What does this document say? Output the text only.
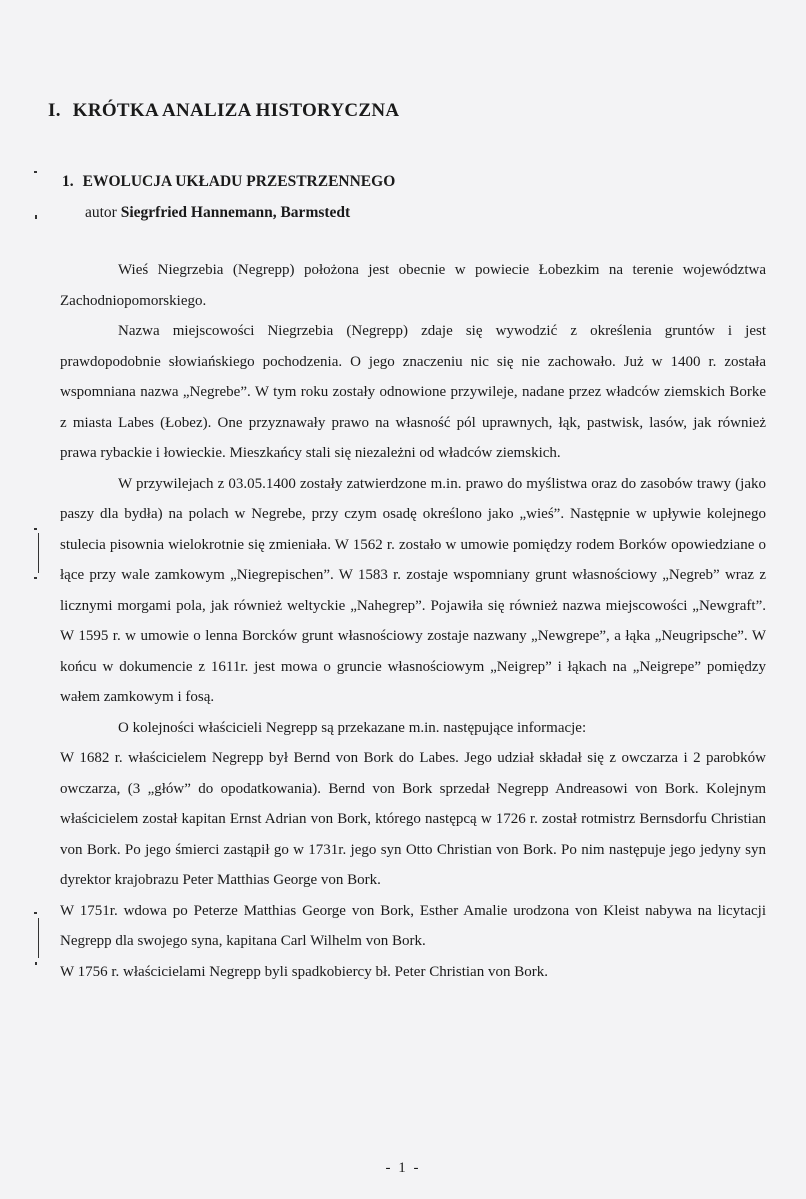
I. KRÓTKA ANALIZA HISTORYCZNA
1. EWOLUCJA UKŁADU PRZESTRZENNEGO
autor Siegrfried Hannemann, Barmstedt

Wieś Niegrzebia (Negrepp) położona jest obecnie w powiecie Łobezkim na terenie województwa Zachodniopomorskiego.

Nazwa miejscowości Niegrzebia (Negrepp) zdaje się wywodzić z określenia gruntów i jest prawdopodobnie słowiańskiego pochodzenia. O jego znaczeniu nic się nie zachowało. Już w 1400 r. została wspomniana nazwa „Negrebe”. W tym roku zostały odnowione przywileje, nadane przez władców ziemskich Borke z miasta Labes (Łobez). One przyznawały prawo na własność pól uprawnych, łąk, pastwisk, lasów, jak również prawa rybackie i łowieckie. Mieszkańcy stali się niezależni od władców ziemskich.

W przywilejach z 03.05.1400 zostały zatwierdzone m.in. prawo do myślistwa oraz do zasobów trawy (jako paszy dla bydła) na polach w Negrebe, przy czym osadę określono jako „wieś”. Następnie w upływie kolejnego stulecia pisownia wielokrotnie się zmieniała. W 1562 r. zostało w umowie pomiędzy rodem Borków opowiedziane o łące przy wale zamkowym „Niegrepischen”. W 1583 r. zostaje wspomniany grunt własnościowy „Negreb” wraz z licznymi morgami pola, jak również weltyckie „Nahegrep”. Pojawiła się również nazwa miejscowości „Newgraft”. W 1595 r. w umowie o lenna Borcków grunt własnościowy zostaje nazwany „Newgrepe”, a łąka „Neugripsche”. W końcu w dokumencie z 1611r. jest mowa o gruncie własnościowym „Neigrep” i łąkach na „Neigrepe” pomiędzy wałem zamkowym i fosą.

O kolejności właścicieli Negrepp są przekazane m.in. następujące informacje:

W 1682 r. właścicielem Negrepp był Bernd von Bork do Labes. Jego udział składał się z owczarza i 2 parobków owczarza, (3 „głów” do opodatkowania). Bernd von Bork sprzedał Negrepp Andreasowi von Bork. Kolejnym właścicielem został kapitan Ernst Adrian von Bork, którego następcą w 1726 r. został rotmistrz Bernsdorfu Christian von Bork. Po jego śmierci zastąpił go w 1731r. jego syn Otto Christian von Bork. Po nim następuje jego jedyny syn dyrektor krajobrazu Peter Matthias George von Bork.

W 1751r. wdowa po Peterze Matthias George von Bork, Esther Amalie urodzona von Kleist nabywa na licytacji Negrepp dla swojego syna, kapitana Carl Wilhelm von Bork.

W 1756 r. właścicielami Negrepp byli spadkobiercy bł. Peter Christian von Bork.

- 1 -
